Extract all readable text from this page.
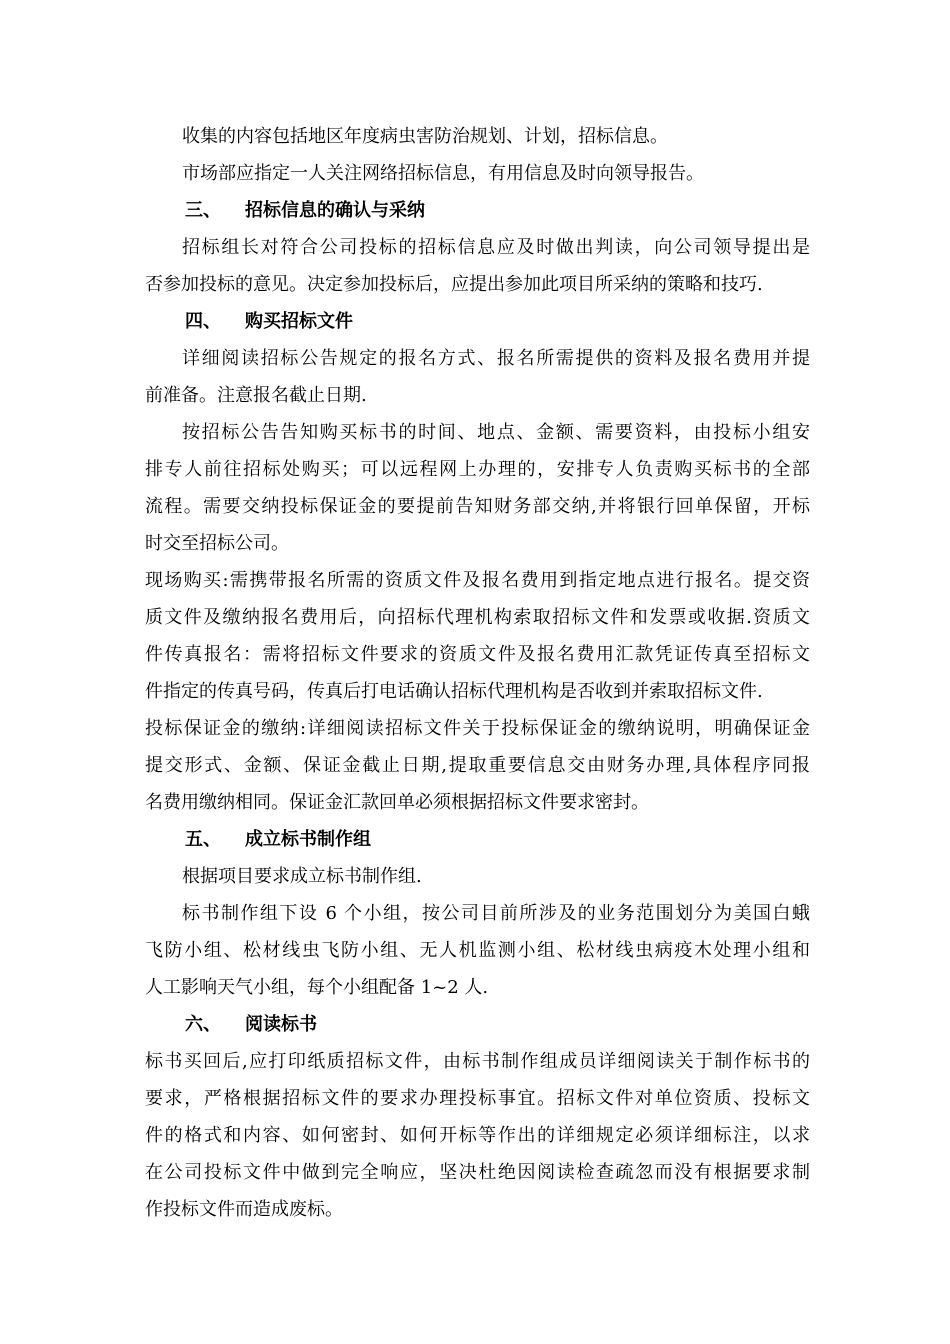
收集的内容包括地区年度病虫害防治规划、计划，招标信息。
市场部应指定一人关注网络招标信息，有用信息及时向领导报告。
三、 招标信息的确认与采纳
招标组长对符合公司投标的招标信息应及时做出判读，向公司领导提出是
否参加投标的意见。决定参加投标后，应提出参加此项目所采纳的策略和技巧.
四、 购买招标文件
详细阅读招标公告规定的报名方式、报名所需提供的资料及报名费用并提
前准备。注意报名截止日期.
按招标公告告知购买标书的时间、地点、金额、需要资料，由投标小组安
排专人前往招标处购买；可以远程网上办理的，安排专人负责购买标书的全部
流程。需要交纳投标保证金的要提前告知财务部交纳,并将银行回单保留，开标
时交至招标公司。
现场购买:需携带报名所需的资质文件及报名费用到指定地点进行报名。提交资
质文件及缴纳报名费用后，向招标代理机构索取招标文件和发票或收据.资质文
件传真报名：需将招标文件要求的资质文件及报名费用汇款凭证传真至招标文
件指定的传真号码，传真后打电话确认招标代理机构是否收到并索取招标文件.
投标保证金的缴纳:详细阅读招标文件关于投标保证金的缴纳说明，明确保证金
提交形式、金额、保证金截止日期,提取重要信息交由财务办理,具体程序同报
名费用缴纳相同。保证金汇款回单必须根据招标文件要求密封。
五、 成立标书制作组
根据项目要求成立标书制作组.
标书制作组下设 6 个小组，按公司目前所涉及的业务范围划分为美国白蛾
飞防小组、松材线虫飞防小组、无人机监测小组、松材线虫病疫木处理小组和
人工影响天气小组，每个小组配备 1~2 人.
六、 阅读标书
标书买回后,应打印纸质招标文件，由标书制作组成员详细阅读关于制作标书的
要求，严格根据招标文件的要求办理投标事宜。招标文件对单位资质、投标文
件的格式和内容、如何密封、如何开标等作出的详细规定必须详细标注，以求
在公司投标文件中做到完全响应，坚决杜绝因阅读检查疏忽而没有根据要求制
作投标文件而造成废标。
